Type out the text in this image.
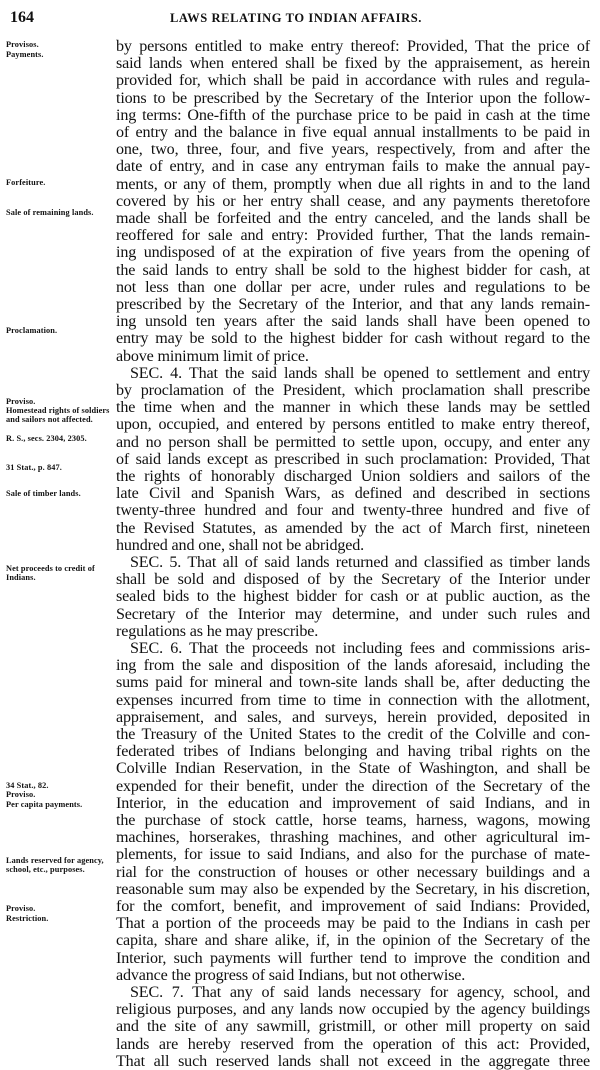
164	LAWS RELATING TO INDIAN AFFAIRS.
Provisos.
Payments.
Forfeiture.
Sale of remaining lands.
Proclamation.
Proviso.
Homestead rights of soldiers and sailors not affected.
R. S., secs. 2304, 2305.
31 Stat., p. 847.
Sale of timber lands.
Net proceeds to credit of Indians.
34 Stat., 82.
Proviso.
Per capita payments.
Lands reserved for agency, school, etc., purposes.
Proviso.
Restriction.
by persons entitled to make entry thereof: Provided, That the price of
said lands when entered shall be fixed by the appraisement, as herein
provided for, which shall be paid in accordance with rules and regula-
tions to be prescribed by the Secretary of the Interior upon the follow-
ing terms: One-fifth of the purchase price to be paid in cash at the time
of entry and the balance in five equal annual installments to be paid in
one, two, three, four, and five years, respectively, from and after the
date of entry, and in case any entryman fails to make the annual pay-
ments, or any of them, promptly when due all rights in and to the land
covered by his or her entry shall cease, and any payments theretofore
made shall be forfeited and the entry canceled, and the lands shall be
reoffered for sale and entry: Provided further, That the lands remain-
ing undisposed of at the expiration of five years from the opening of
the said lands to entry shall be sold to the highest bidder for cash, at
not less than one dollar per acre, under rules and regulations to be
prescribed by the Secretary of the Interior, and that any lands remain-
ing unsold ten years after the said lands shall have been opened to
entry may be sold to the highest bidder for cash without regard to the
above minimum limit of price.
SEC. 4. That the said lands shall be opened to settlement and entry
by proclamation of the President, which proclamation shall prescribe
the time when and the manner in which these lands may be settled
upon, occupied, and entered by persons entitled to make entry thereof,
and no person shall be permitted to settle upon, occupy, and enter any
of said lands except as prescribed in such proclamation: Provided, That
the rights of honorably discharged Union soldiers and sailors of the
late Civil and Spanish Wars, as defined and described in sections
twenty-three hundred and four and twenty-three hundred and five of
the Revised Statutes, as amended by the act of March first, nineteen
hundred and one, shall not be abridged.
SEC. 5. That all of said lands returned and classified as timber lands
shall be sold and disposed of by the Secretary of the Interior under
sealed bids to the highest bidder for cash or at public auction, as the
Secretary of the Interior may determine, and under such rules and
regulations as he may prescribe.
SEC. 6. That the proceeds not including fees and commissions aris-
ing from the sale and disposition of the lands aforesaid, including the
sums paid for mineral and town-site lands shall be, after deducting the
expenses incurred from time to time in connection with the allotment,
appraisement, and sales, and surveys, herein provided, deposited in
the Treasury of the United States to the credit of the Colville and con-
federated tribes of Indians belonging and having tribal rights on the
Colville Indian Reservation, in the State of Washington, and shall be
expended for their benefit, under the direction of the Secretary of the
Interior, in the education and improvement of said Indians, and in
the purchase of stock cattle, horse teams, harness, wagons, mowing
machines, horserakes, thrashing machines, and other agricultural im-
plements, for issue to said Indians, and also for the purchase of mate-
rial for the construction of houses or other necessary buildings and a
reasonable sum may also be expended by the Secretary, in his discretion,
for the comfort, benefit, and improvement of said Indians: Provided,
That a portion of the proceeds may be paid to the Indians in cash per
capita, share and share alike, if, in the opinion of the Secretary of the
Interior, such payments will further tend to improve the condition and
advance the progress of said Indians, but not otherwise.
SEC. 7. That any of said lands necessary for agency, school, and
religious purposes, and any lands now occupied by the agency buildings
and the site of any sawmill, gristmill, or other mill property on said
lands are hereby reserved from the operation of this act: Provided,
That all such reserved lands shall not exceed in the aggregate three
